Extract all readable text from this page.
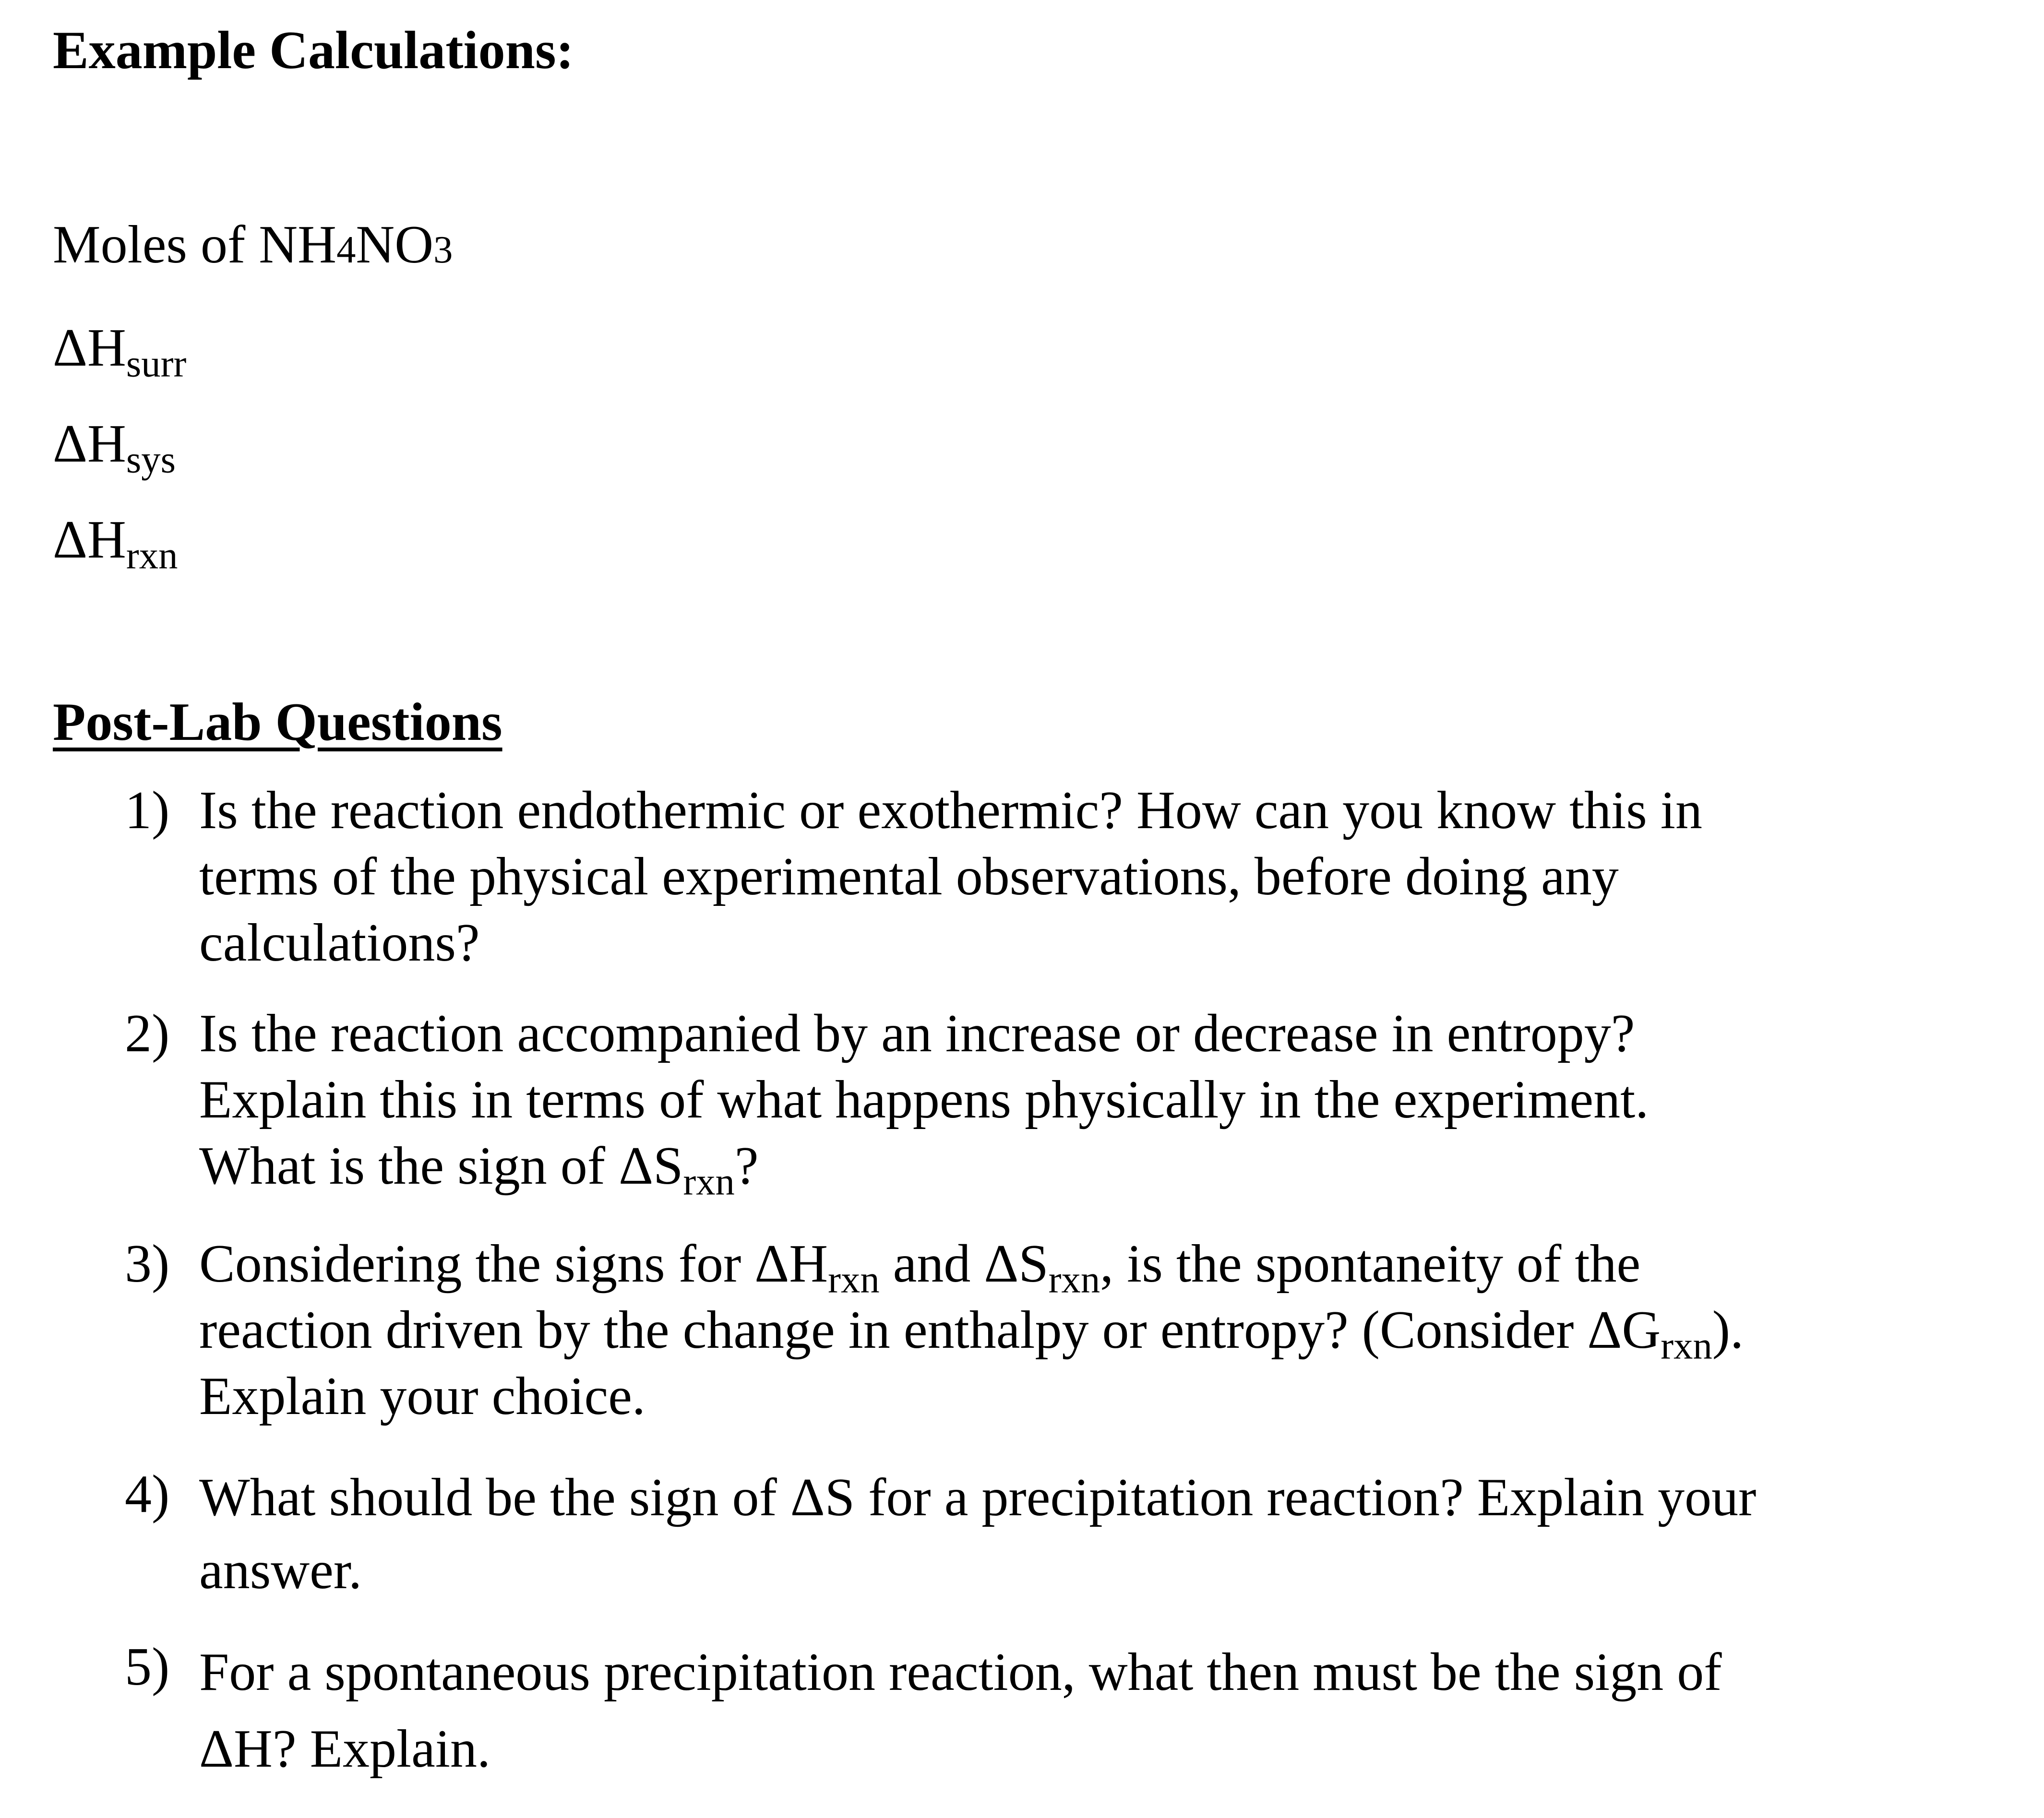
Example Calculations:
Moles of NH4NO3
$\Delta H_{surr}$
$\Delta H_{sys}$
$\Delta H_{rxn}$
Post-Lab Questions
1) Is the reaction endothermic or exothermic? How can you know this in
terms of the physical experimental observations, before doing any
calculations?
2) Is the reaction accompanied by an increase or decrease in entropy?
Explain this in terms of what happens physically in the experiment.
What is the sign of $\Delta S_{rxn}$?
3) Considering the signs for $\Delta H_{rxn}$ and $\Delta S_{rxn}$, is the spontaneity of the
reaction driven by the change in enthalpy or entropy? (Consider $\Delta G_{rxn}$).
Explain your choice.
4) What should be the sign of ΔS for a precipitation reaction? Explain your
answer.
5) For a spontaneous precipitation reaction, what then must be the sign of
ΔH? Explain.
